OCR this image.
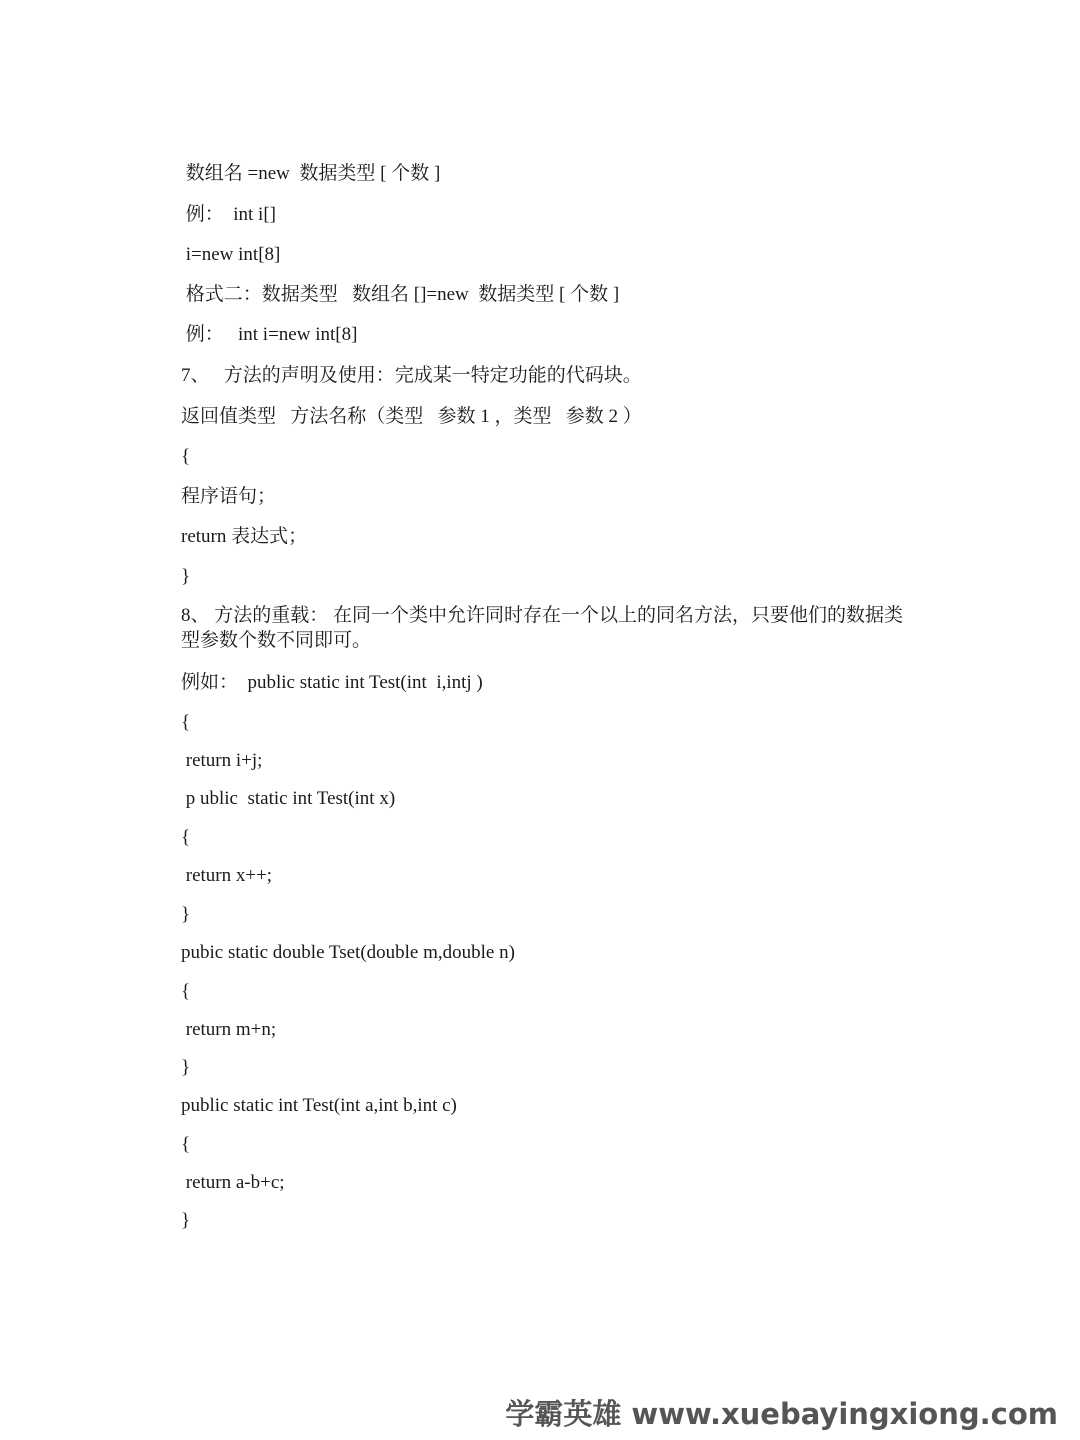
数组名 =new  数据类型 [ 个数 ]
例：  int i[]
i=new int[8]
格式二：数据类型   数组名 []=new  数据类型 [ 个数 ]
例：   int i=new int[8]
7、   方法的声明及使用：完成某一特定功能的代码块。
返回值类型   方法名称（类型   参数 1 ，类型   参数 2 ）
{
程序语句；
return 表达式；
}
8、 方法的重载： 在同一个类中允许同时存在一个以上的同名方法，只要他们的数据类型参数个数不同即可。
例如：  public static int Test(int  i,intj )
{
return i+j;
p ublic  static int Test(int x)
{
return x++;
}
pubic static double Tset(double m,double n)
{
return m+n;
}
public static int Test(int a,int b,int c)
{
return a-b+c;
}
学霸英雄 www.xuebayingxiong.com
